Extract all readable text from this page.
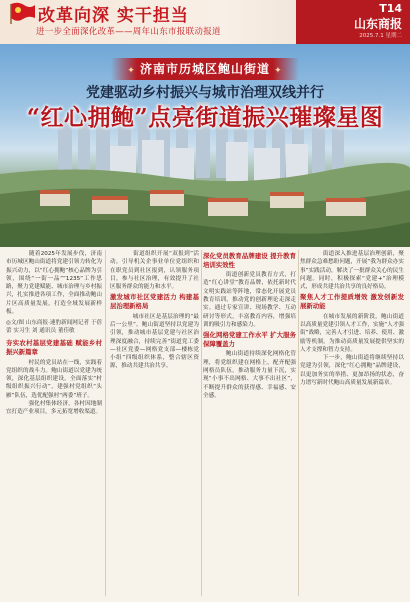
改革向深 实干担当
进一步全面深化改革——周年山东市报联动报道
T14
山东商报
2025.7.1 星期二
✦ 济南市历城区鲍山街道 ✦
党建驱动乡村振兴与城市治理双线并行
“红心拥鲍”点亮街道振兴璀璨星图

　　随着2025年发展步伐，济南市历城区鲍山街道将党建引领力转化为振兴动力，以“红心拥鲍”核心品牌为引领，围绕“一街一品”“1235”工作思路，聚力党建赋能、城市治理与乡村振兴，扎实推进各项工作，全面推动鲍山片区高质量发展，打造全域发展新样板。

◎文/图 山东商报·速豹新闻网记者 于蓓蕾 实习生 刘 通讯员 董佳敏

夯实农村基层党建基础 赋能乡村振兴新篇章

　　村民的党员站在一线，实践着党组织的战斗力。鲍山街道以党建为统领，深化基层组织建设，全面落实“村级组织振兴行动”，建强村党组织“头雁”队伍，选优配强村“两委”班子。

　　强化村集体经济，各村因地制宜打造产业项目，多元拓宽增收渠道。

　　街道组织开展“双报到”活动，引导机关企事业单位党组织和在职党员到社区报到，认领服务项目，参与社区治理，有效提升了社区服务群众的能力和水平。

激发城市社区党建活力 构建基层治理新格局

　　城市社区是基层治理的“最后一公里”。鲍山街道坚持以党建为引领，推动城市基层党建与社区治理深度融合，持续完善“街道党工委—社区党委—网格党支部—楼栋党小组”四级组织体系，整合辖区资源，推动共建共治共享。

深化党员教育品牌建设 提升教育培训实效性

　　街道创新党员教育方式，打造“红心讲堂”教育品牌，依托新时代文明实践站等阵地，常态化开展党员教育培训，推动党的创新理论走深走实。通过专家宣讲、现场教学、互动研讨等形式，丰富教育内容，增强培训的吸引力和感染力。

强化网格党建工作水平 扩大服务保障覆盖力

　　鲍山街道持续深化网格化管理，将党组织建在网格上，配齐配强网格员队伍，推动服务力量下沉，实现“小事不出网格、大事不出社区”，不断提升群众的获得感、幸福感、安全感。

　　街道深入推进基层治理创新，聚焦群众急难愁盼问题，开展“我为群众办实事”实践活动，解决了一批群众关心的民生问题。同时，积极探索“党建+”治理模式，形成共建共治共享的良好格局。

聚焦人才工作提质增效 激发创新发展新动能

　　在城市发展的新阶段，鲍山街道以高质量党建引领人才工作，实施“人才强街”战略，完善人才引进、培养、使用、激励等机制，为推动高质量发展提供坚实的人才支撑和智力支持。

　　下一步，鲍山街道将继续坚持以党建为引领，深化“红心拥鲍”品牌建设，以更加务实的举措、更加昂扬的状态，奋力谱写新时代鲍山高质量发展新篇章。
